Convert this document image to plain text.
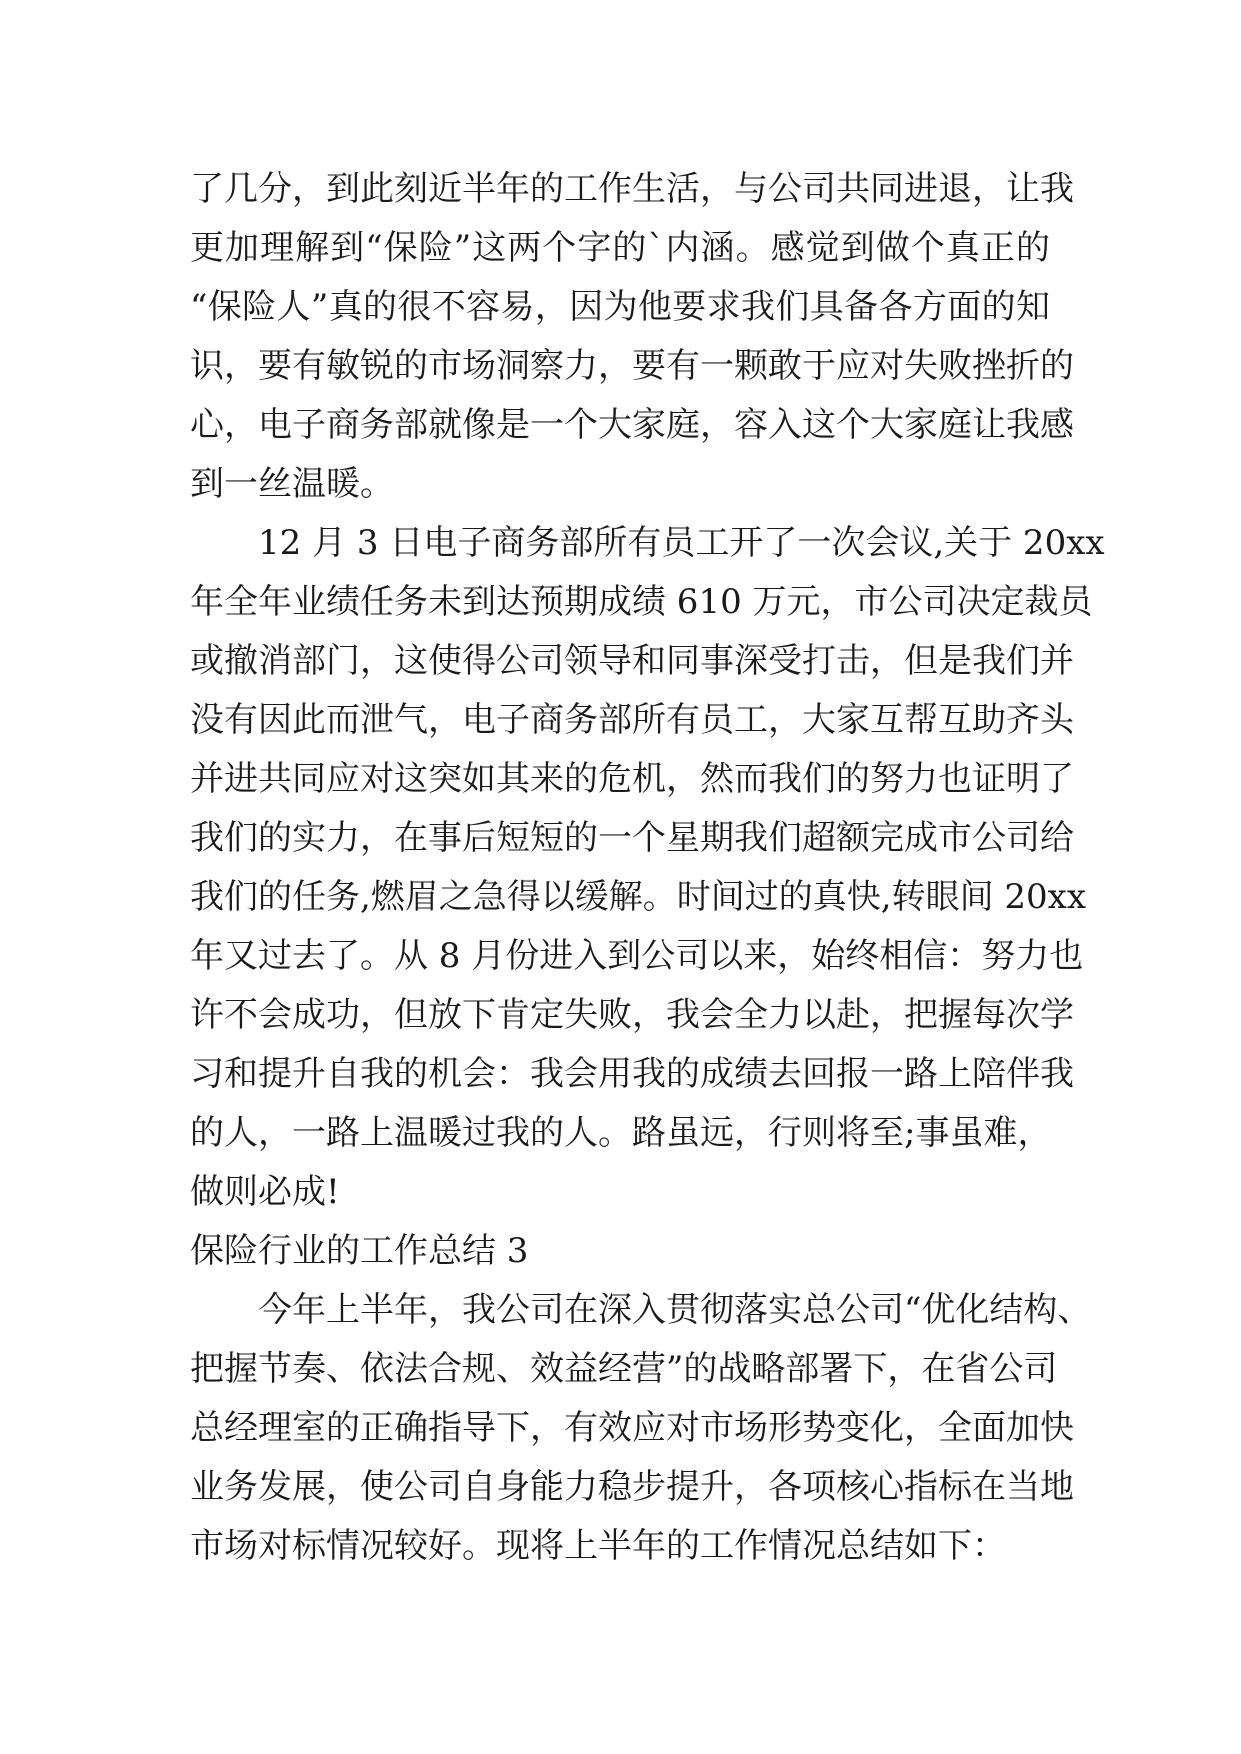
了几分，到此刻近半年的工作生活，与公司共同进退，让我
更加理解到“保险”这两个字的`内涵。感觉到做个真正的
“保险人”真的很不容易，因为他要求我们具备各方面的知
识，要有敏锐的市场洞察力，要有一颗敢于应对失败挫折的
心，电子商务部就像是一个大家庭，容入这个大家庭让我感
到一丝温暖。
12 月 3 日电子商务部所有员工开了一次会议,关于 20xx
年全年业绩任务未到达预期成绩 610 万元，市公司决定裁员
或撤消部门，这使得公司领导和同事深受打击，但是我们并
没有因此而泄气，电子商务部所有员工，大家互帮互助齐头
并进共同应对这突如其来的危机，然而我们的努力也证明了
我们的实力，在事后短短的一个星期我们超额完成市公司给
我们的任务,燃眉之急得以缓解。时间过的真快,转眼间 20xx
年又过去了。从 8 月份进入到公司以来，始终相信：努力也
许不会成功，但放下肯定失败，我会全力以赴，把握每次学
习和提升自我的机会：我会用我的成绩去回报一路上陪伴我
的人，一路上温暖过我的人。路虽远，行则将至;事虽难，
做则必成!
保险行业的工作总结 3
今年上半年，我公司在深入贯彻落实总公司“优化结构、
把握节奏、依法合规、效益经营”的战略部署下，在省公司
总经理室的正确指导下，有效应对市场形势变化，全面加快
业务发展，使公司自身能力稳步提升，各项核心指标在当地
市场对标情况较好。现将上半年的工作情况总结如下：
